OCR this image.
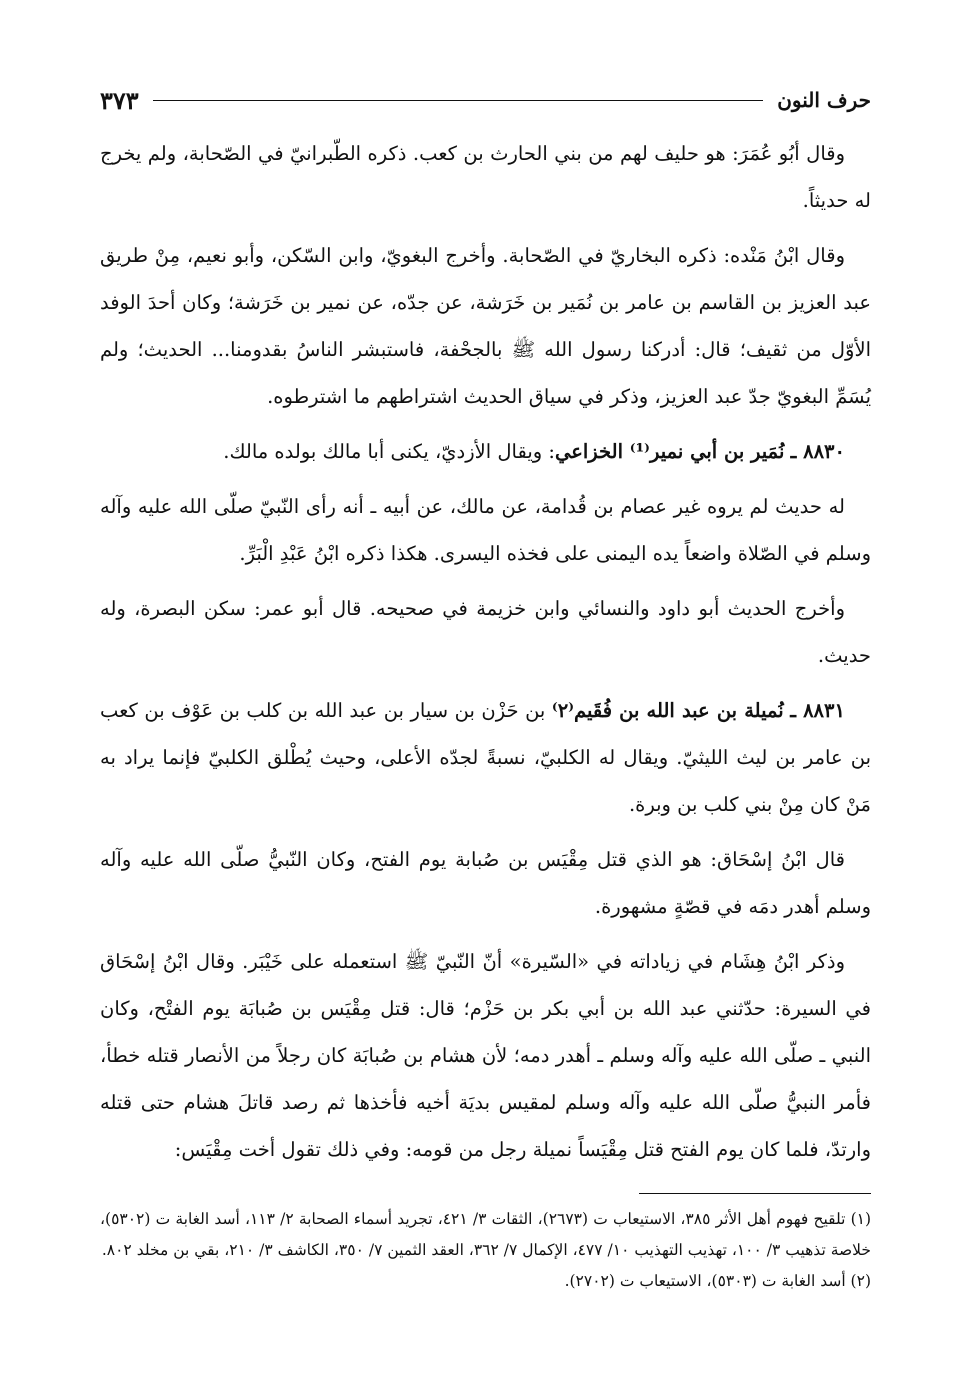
حرف النون
٣٧٣

وقال أبُو عُمَرَ: هو حليف لهم من بني الحارث بن كعب. ذكره الطّبرانيّ في الصّحابة، ولم يخرج له حديثاً.

وقال ابْنُ مَنْده: ذكره البخاريّ في الصّحابة. وأخرج البغويّ، وابن السّكن، وأبو نعيم، مِنْ طريق عبد العزيز بن القاسم بن عامر بن نُمَير بن خَرَشة، عن جدّه، عن نمير بن خَرَشة؛ وكان أحدَ الوفد الأوّل من ثقيف؛ قال: أدركنا رسول الله ﷺ بالجحْفة، فاستبشر الناسُ بقدومنا... الحديث؛ ولم يُسَمِّ البغويّ جدّ عبد العزيز، وذكر في سياق الحديث اشتراطهم ما اشترطوه.

٨٨٣٠ ـ نُمَير بن أبي نمير⁽¹⁾ الخزاعي: ويقال الأزديّ، يكنى أبا مالك بولده مالك.

له حديث لم يروه غير عصام بن قُدامة، عن مالك، عن أبيه ـ أنه رأى النّبيّ صلّى الله عليه وآله وسلم في الصّلاة واضعاً يده اليمنى على فخذه اليسرى. هكذا ذكره ابْنُ عَبْدِ الْبَرِّ.

وأخرج الحديث أبو داود والنسائي وابن خزيمة في صحيحه. قال أبو عمر: سكن البصرة، وله حديث.

٨٨٣١ ـ نُميلة بن عبد الله بن فُقَيم⁽٢⁾ بن حَزْن بن سيار بن عبد الله بن كلب بن عَوْف بن كعب بن عامر بن ليث الليثيّ. ويقال له الكلبيّ، نسبةً لجدّه الأعلى، وحيث يُطْلق الكلبيّ فإنما يراد به مَنْ كان مِنْ بني كلب بن وبرة.

قال ابْنُ إسْحَاق: هو الذي قتل مِقْيَس بن صُبابة يوم الفتح، وكان النّبيُّ صلّى الله عليه وآله وسلم أهدر دمَه في قصّةٍ مشهورة.

وذكر ابْنُ هِشَام في زياداته في «السّيرة» أنّ النّبيّ ﷺ استعمله على خَيْبَر. وقال ابْنُ إسْحَاق في السيرة: حدّثني عبد الله بن أبي بكر بن حَزْم؛ قال: قتل مِقْيَس بن صُبابَة يوم الفتْح، وكان النبي ـ صلّى الله عليه وآله وسلم ـ أهدر دمه؛ لأن هشام بن صُبابَة كان رجلاً من الأنصار قتله خطأ، فأمر النبيُّ صلّى الله عليه وآله وسلم لمقيس بديَة أخيه فأخذها ثم رصد قاتلَ هشام حتى قتله وارتدّ، فلما كان يوم الفتح قتل مِقْيَساً نميلة رجل من قومه: وفي ذلك تقول أخت مِقْيَس:

(١) تلقيح فهوم أهل الأثر ٣٨٥، الاستيعاب ت (٢٦٧٣)، الثقات ٣/ ٤٢١، تجريد أسماء الصحابة ٢/ ١١٣، أسد الغابة ت (٥٣٠٢)، خلاصة تذهيب ٣/ ١٠٠، تهذيب التهذيب ١٠/ ٤٧٧، الإكمال ٧/ ٣٦٢، العقد الثمين ٧/ ٣٥٠، الكاشف ٣/ ٢١٠، بقي بن مخلد ٨٠٢.

(٢) أسد الغابة ت (٥٣٠٣)، الاستيعاب ت (٢٧٠٢).
